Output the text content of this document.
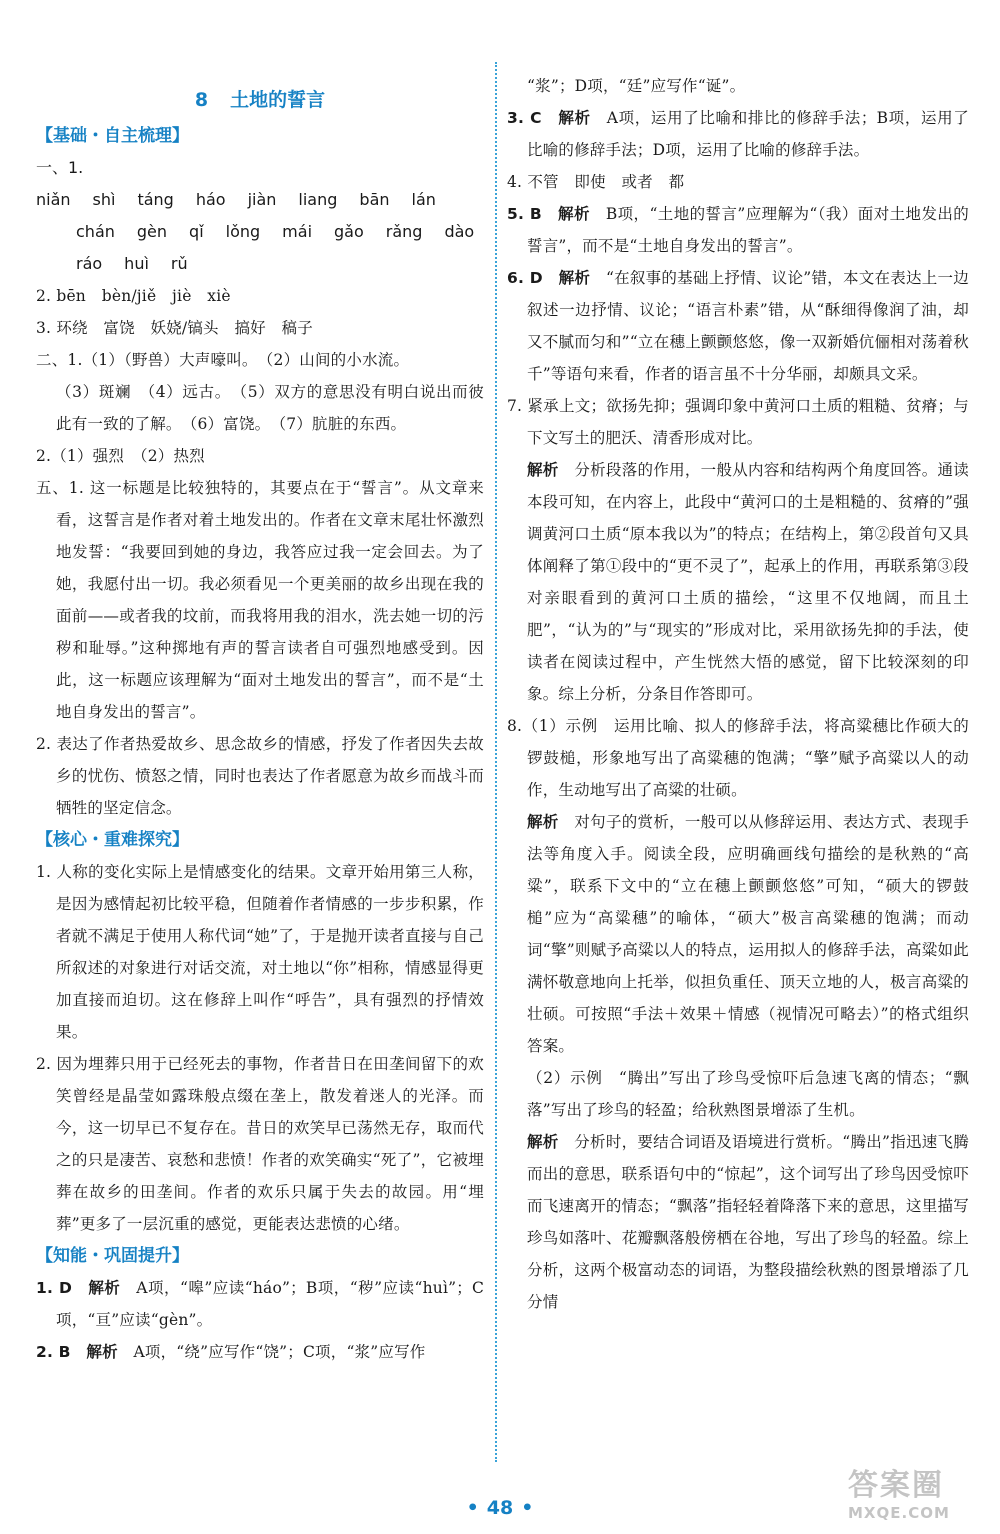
8 土地的誓言
【基础・自主梳理】
一、1. niǎn shì táng háo jiàn liang bān lán
chán gèn qǐ lǒng mái gǎo rǎng dào
ráo huì rǔ

2. bēn　bèn/jiě　jiè　xiè

3. 环绕　富饶　妖娆/镐头　搞好　稿子

二、1.（1）（野兽）大声嚎叫。　（2）山间的小水流。

（3）斑斓　（4）远古。　（5）双方的意思没有明白说出而彼此有一致的了解。　（6）富饶。　（7）肮脏的东西。

2.（1）强烈　（2）热烈

五、1. 这一标题是比较独特的，其要点在于“誓言”。从文章来看，这誓言是作者对着土地发出的。作者在文章末尾壮怀激烈地发誓：“我要回到她的身边，我答应过我一定会回去。为了她，我愿付出一切。我必须看见一个更美丽的故乡出现在我的面前——或者我的坟前，而我将用我的泪水，洗去她一切的污秽和耻辱。”这种掷地有声的誓言读者自可强烈地感受到。因此，这一标题应该理解为“面对土地发出的誓言”，而不是“土地自身发出的誓言”。

2. 表达了作者热爱故乡、思念故乡的情感，抒发了作者因失去故乡的忧伤、愤怒之情，同时也表达了作者愿意为故乡而战斗而牺牲的坚定信念。

【核心・重难探究】

1. 人称的变化实际上是情感变化的结果。文章开始用第三人称，是因为感情起初比较平稳，但随着作者情感的一步步积累，作者就不满足于使用人称代词“她”了，于是抛开读者直接与自己所叙述的对象进行对话交流，对土地以“你”相称，情感显得更加直接而迫切。这在修辞上叫作“呼告”，具有强烈的抒情效果。

2. 因为埋葬只用于已经死去的事物，作者昔日在田垄间留下的欢笑曾经是晶莹如露珠般点缀在垄上，散发着迷人的光泽。而今，这一切早已不复存在。昔日的欢笑早已荡然无存，取而代之的只是凄苦、哀愁和悲愤！作者的欢笑确实“死了”，它被埋葬在故乡的田垄间。作者的欢乐只属于失去的故园。用“埋葬”更多了一层沉重的感觉，更能表达悲愤的心绪。

【知能・巩固提升】

1. D　 解析　 A项，“嗥”应读“háo”；B项，“秽”应读“huì”；C项，“亘”应读“gèn”。

2. B　 解析　 A项，“绕”应写作“饶”；C项，“浆”应写作

“浆”；D项，“廷”应写作“诞”。

3. C　 解析　 A项，运用了比喻和排比的修辞手法；B项，运用了比喻的修辞手法；D项，运用了比喻的修辞手法。

4. 不管　即使　或者　都

5. B　 解析　 B项，“土地的誓言”应理解为“（我）面对土地发出的誓言”，而不是“土地自身发出的誓言”。

6. D　 解析　 “在叙事的基础上抒情、议论”错，本文在表达上一边叙述一边抒情、议论；“语言朴素”错，从“酥细得像润了油，却又不腻而匀和”“立在穗上颤颤悠悠，像一双新婚伉俪相对荡着秋千”等语句来看，作者的语言虽不十分华丽，却颇具文采。

7. 紧承上文；欲扬先抑；强调印象中黄河口土质的粗糙、贫瘠；与下文写土的肥沃、清香形成对比。

解析　 分析段落的作用，一般从内容和结构两个角度回答。通读本段可知，在内容上，此段中“黄河口的土是粗糙的、贫瘠的”强调黄河口土质“原本我以为”的特点；在结构上，第②段首句又具体阐释了第①段中的“更不灵了”，起承上的作用，再联系第③段对亲眼看到的黄河口土质的描绘，“这里不仅地阔，而且土肥”，“认为的”与“现实的”形成对比，采用欲扬先抑的手法，使读者在阅读过程中，产生恍然大悟的感觉，留下比较深刻的印象。综上分析，分条目作答即可。

8.（1）示例　运用比喻、拟人的修辞手法，将高粱穗比作硕大的锣鼓槌，形象地写出了高粱穗的饱满；“擎”赋予高粱以人的动作，生动地写出了高粱的壮硕。

解析　 对句子的赏析，一般可以从修辞运用、表达方式、表现手法等角度入手。阅读全段，应明确画线句描绘的是秋熟的“高粱”，联系下文中的“立在穗上颤颤悠悠”可知，“硕大的锣鼓槌”应为“高粱穗”的喻体，“硕大”极言高粱穗的饱满；而动词“擎”则赋予高粱以人的特点，运用拟人的修辞手法，高粱如此满怀敬意地向上托举，似担负重任、顶天立地的人，极言高粱的壮硕。可按照“手法＋效果＋情感（视情况可略去）”的格式组织答案。

（2）示例　“腾出”写出了珍鸟受惊吓后急速飞离的情态；“飘落”写出了珍鸟的轻盈；给秋熟图景增添了生机。

解析　 分析时，要结合词语及语境进行赏析。“腾出”指迅速飞腾而出的意思，联系语句中的“惊起”，这个词写出了珍鸟因受惊吓而飞速离开的情态；“飘落”指轻轻着降落下来的意思，这里描写珍鸟如落叶、花瓣飘落般傍栖在谷地，写出了珍鸟的轻盈。综上分析，这两个极富动态的词语，为整段描绘秋熟的图景增添了几分情

• 48 •
答案圈
MXQE.COM
